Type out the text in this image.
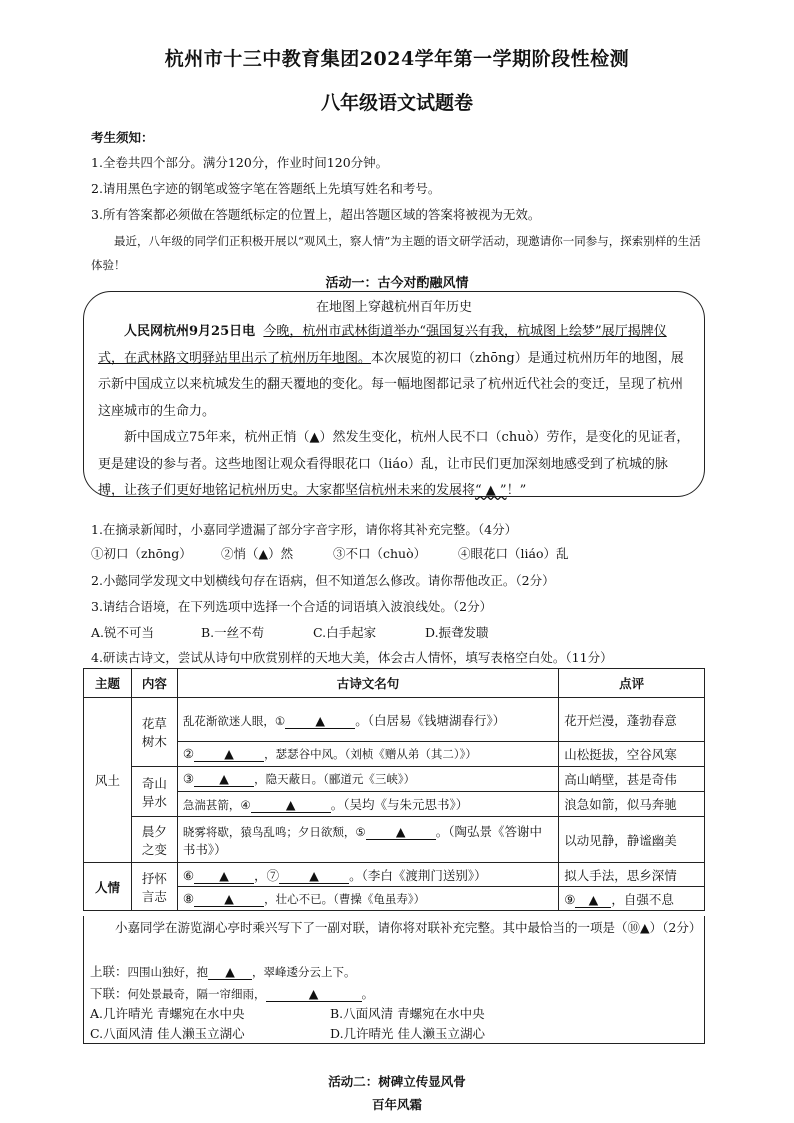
杭州市十三中教育集团2024学年第一学期阶段性检测
八年级语文试题卷
考生须知：
1.全卷共四个部分。满分120分，作业时间120分钟。
2.请用黑色字迹的钢笔或签字笔在答题纸上先填写姓名和考号。
3.所有答案都必须做在答题纸标定的位置上，超出答题区域的答案将被视为无效。
最近，八年级的同学们正积极开展以“观风土，察人情”为主题的语文研学活动，现邀请你一同参与，探索别样的生活体验！
活动一：古今对酌融风情
在地图上穿越杭州百年历史

人民网杭州9月25日电 今晚，杭州市武林街道举办“强国复兴有我，杭城图上绘梦”展厅揭牌仪式，在武林路文明驿站里出示了杭州历年地图。本次展览的初口（zhōng）是通过杭州历年的地图，展示新中国成立以来杭城发生的翻天覆地的变化。每一幅地图都记录了杭州近代社会的变迁，呈现了杭州这座城市的生命力。

新中国成立75年来，杭州正悄（▲）然发生变化，杭州人民不口（chuò）劳作，是变化的见证者，更是建设的参与者。这些地图让观众看得眼花口（liáo）乱，让市民们更加深刻地感受到了杭城的脉搏，让孩子们更好地铭记杭州历史。大家都坚信杭州未来的发展将“ ▲ ”！”

1.在摘录新闻时，小嘉同学遗漏了部分字音字形，请你将其补充完整。（4分）
①初口（zhōng） ②悄（▲）然	③不口（chuò）	④眼花口（liáo）乱
2.小懿同学发现文中划横线句存在语病，但不知道怎么修改。请你帮他改正。（2分）
3.请结合语境，在下列选项中选择一个合适的词语填入波浪线处。（2分）
A.锐不可当	B.一丝不苟	C.白手起家	D.振聋发聩
4.研读古诗文，尝试从诗句中欣赏别样的天地大美，体会古人情怀，填写表格空白处。（11分）
主题	内容	古诗文名句	点评
风土	花草树木	乱花渐欲迷人眼，① ▲ 。（白居易《钱塘湖春行》）	花开烂漫，蓬勃春意
		② ▲ ，瑟瑟谷中风。（刘桢《赠从弟（其二）》）	山松挺拔，空谷风寒
	奇山异水	③ ▲ ，隐天蔽日。（郦道元《三峡》）	高山峭壁，甚是奇伟
		急湍甚箭，④ ▲ 。（吴均《与朱元思书》）	浪急如箭，似马奔驰
	晨夕之变	晓雾将歇，猿鸟乱鸣；夕日欲颓，⑤ ▲ 。（陶弘景《答谢中书书》）	以动见静，静谧幽美
人情	抒怀言志	⑥ ▲ ，⑦ ▲ 。（李白《渡荆门送别》）	拟人手法，思乡深情
		⑧ ▲ ，壮心不已。（曹操《龟虽寿》）	⑨ ▲ ，自强不息
小嘉同学在游览湖心亭时乘兴写下了一副对联，请你将对联补充完整。其中最恰当的一项是（⑩▲）（2分）
上联：四围山独好，抱 ▲ ，翠峰逶分云上下。
下联：何处景最奇，隔一帘细雨，	▲	。
A.几许晴光 青螺宛在水中央	B.八面风清 青螺宛在水中央
C.八面风清 佳人濑玉立湖心	D.几许晴光 佳人濑玉立湖心
活动二：树碑立传显风骨
百年风霜
